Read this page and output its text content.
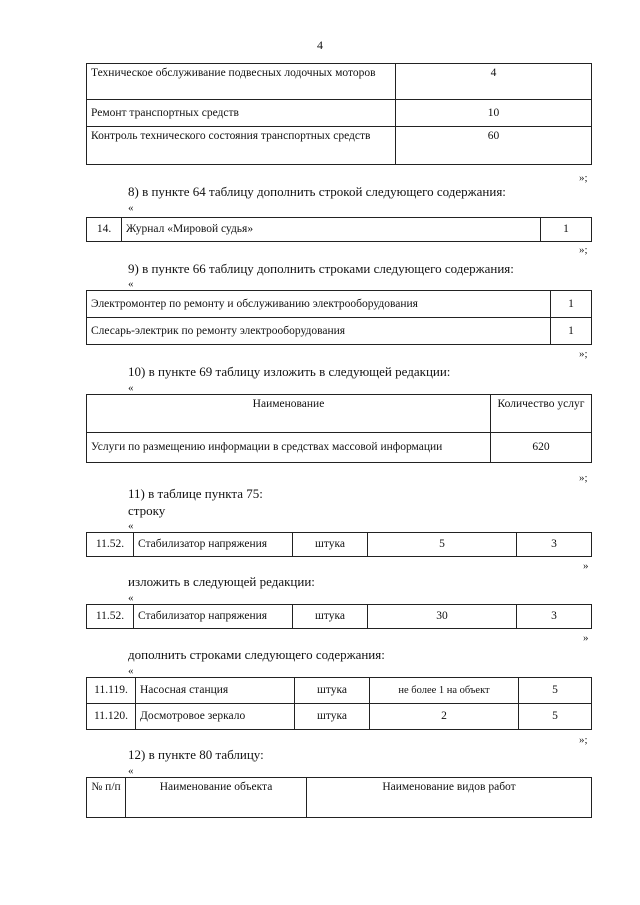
4
Техническое обслуживание подвесных лодочных моторов	4
Ремонт транспортных средств	10
Контроль технического состояния транспортных средств	60
»;
8) в пункте 64 таблицу дополнить строкой следующего содержания:
«
14.	Журнал «Мировой судья»	1
»;
9) в пункте 66 таблицу дополнить строками следующего содержания:
«
Электромонтер по ремонту и обслуживанию электрооборудования	1
Слесарь-электрик по ремонту электрооборудования	1
»;
10) в пункте 69 таблицу изложить в следующей редакции:
«
Наименование	Количество услуг
Услуги по размещению информации в средствах массовой информации	620
»;
11) в таблице пункта 75:
строку
«
11.52.	Стабилизатор напряжения	штука	5	3
»
изложить в следующей редакции:
«
11.52.	Стабилизатор напряжения	штука	30	3
»
дополнить строками следующего содержания:
«
11.119.	Насосная станция	штука	не более 1 на объект	5
11.120.	Досмотровое зеркало	штука	2	5
»;
12) в пункте 80 таблицу:
«
№ п/п	Наименование объекта	Наименование видов работ
